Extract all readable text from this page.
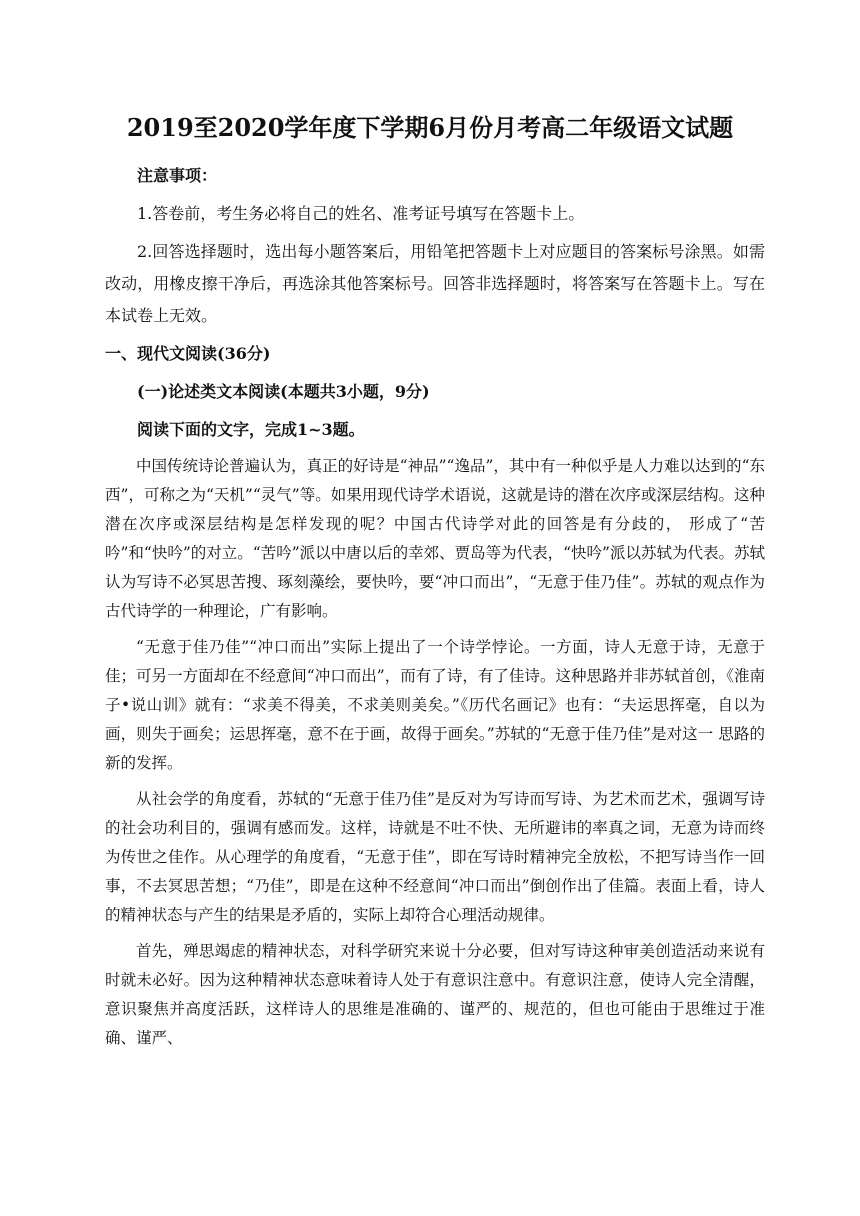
2019至2020学年度下学期6月份月考高二年级语文试题

注意事项：

1.答卷前，考生务必将自己的姓名、准考证号填写在答题卡上。

2.回答选择题时，选出每小题答案后，用铅笔把答题卡上对应题目的答案标号涂黑。如需改动，用橡皮擦干净后，再选涂其他答案标号。回答非选择题时，将答案写在答题卡上。写在本试卷上无效。

一、现代文阅读(36分)

(一)论述类文本阅读(本题共3小题，9分)

阅读下面的文字，完成1~3题。

中国传统诗论普遍认为，真正的好诗是“神品”“逸品”，其中有一种似乎是人力难以达到的“东西”，可称之为“天机”“灵气”等。如果用现代诗学术语说，这就是诗的潜在次序或深层结构。这种潜在次序或深层结构是怎样发现的呢？中国古代诗学对此的回答是有分歧的， 形成了“苦吟”和“快吟”的对立。“苦吟”派以中唐以后的幸郊、贾岛等为代表，“快吟”派以苏轼为代表。苏轼认为写诗不必冥思苦搜、琢刻藻绘，要快吟，要“冲口而出”，“无意于佳乃佳”。苏轼的观点作为古代诗学的一种理论，广有影响。

“无意于佳乃佳”“冲口而出”实际上提出了一个诗学悖论。一方面，诗人无意于诗，无意于佳；可另一方面却在不经意间“冲口而出”，而有了诗，有了佳诗。这种思路并非苏轼首创，《淮南子•说山训》就有：“求美不得美，不求美则美矣。”《历代名画记》也有：“夫运思挥毫，自以为画，则失于画矣；运思挥毫，意不在于画，故得于画矣。”苏轼的“无意于佳乃佳”是对这一 思路的新的发挥。

从社会学的角度看，苏轼的“无意于佳乃佳”是反对为写诗而写诗、为艺术而艺术，强调写诗的社会功利目的，强调有感而发。这样，诗就是不吐不快、无所避讳的率真之词，无意为诗而终为传世之佳作。从心理学的角度看，“无意于佳”，即在写诗时精神完全放松，不把写诗当作一回事，不去冥思苦想；“乃佳”，即是在这种不经意间“冲口而出”倒创作出了佳篇。表面上看，诗人的精神状态与产生的结果是矛盾的，实际上却符合心理活动规律。

首先，殚思竭虑的精神状态，对科学研究来说十分必要，但对写诗这种审美创造活动来说有时就未必好。因为这种精神状态意味着诗人处于有意识注意中。有意识注意，使诗人完全清醒，意识聚焦并高度活跃，这样诗人的思维是准确的、谨严的、规范的，但也可能由于思维过于准确、谨严、
